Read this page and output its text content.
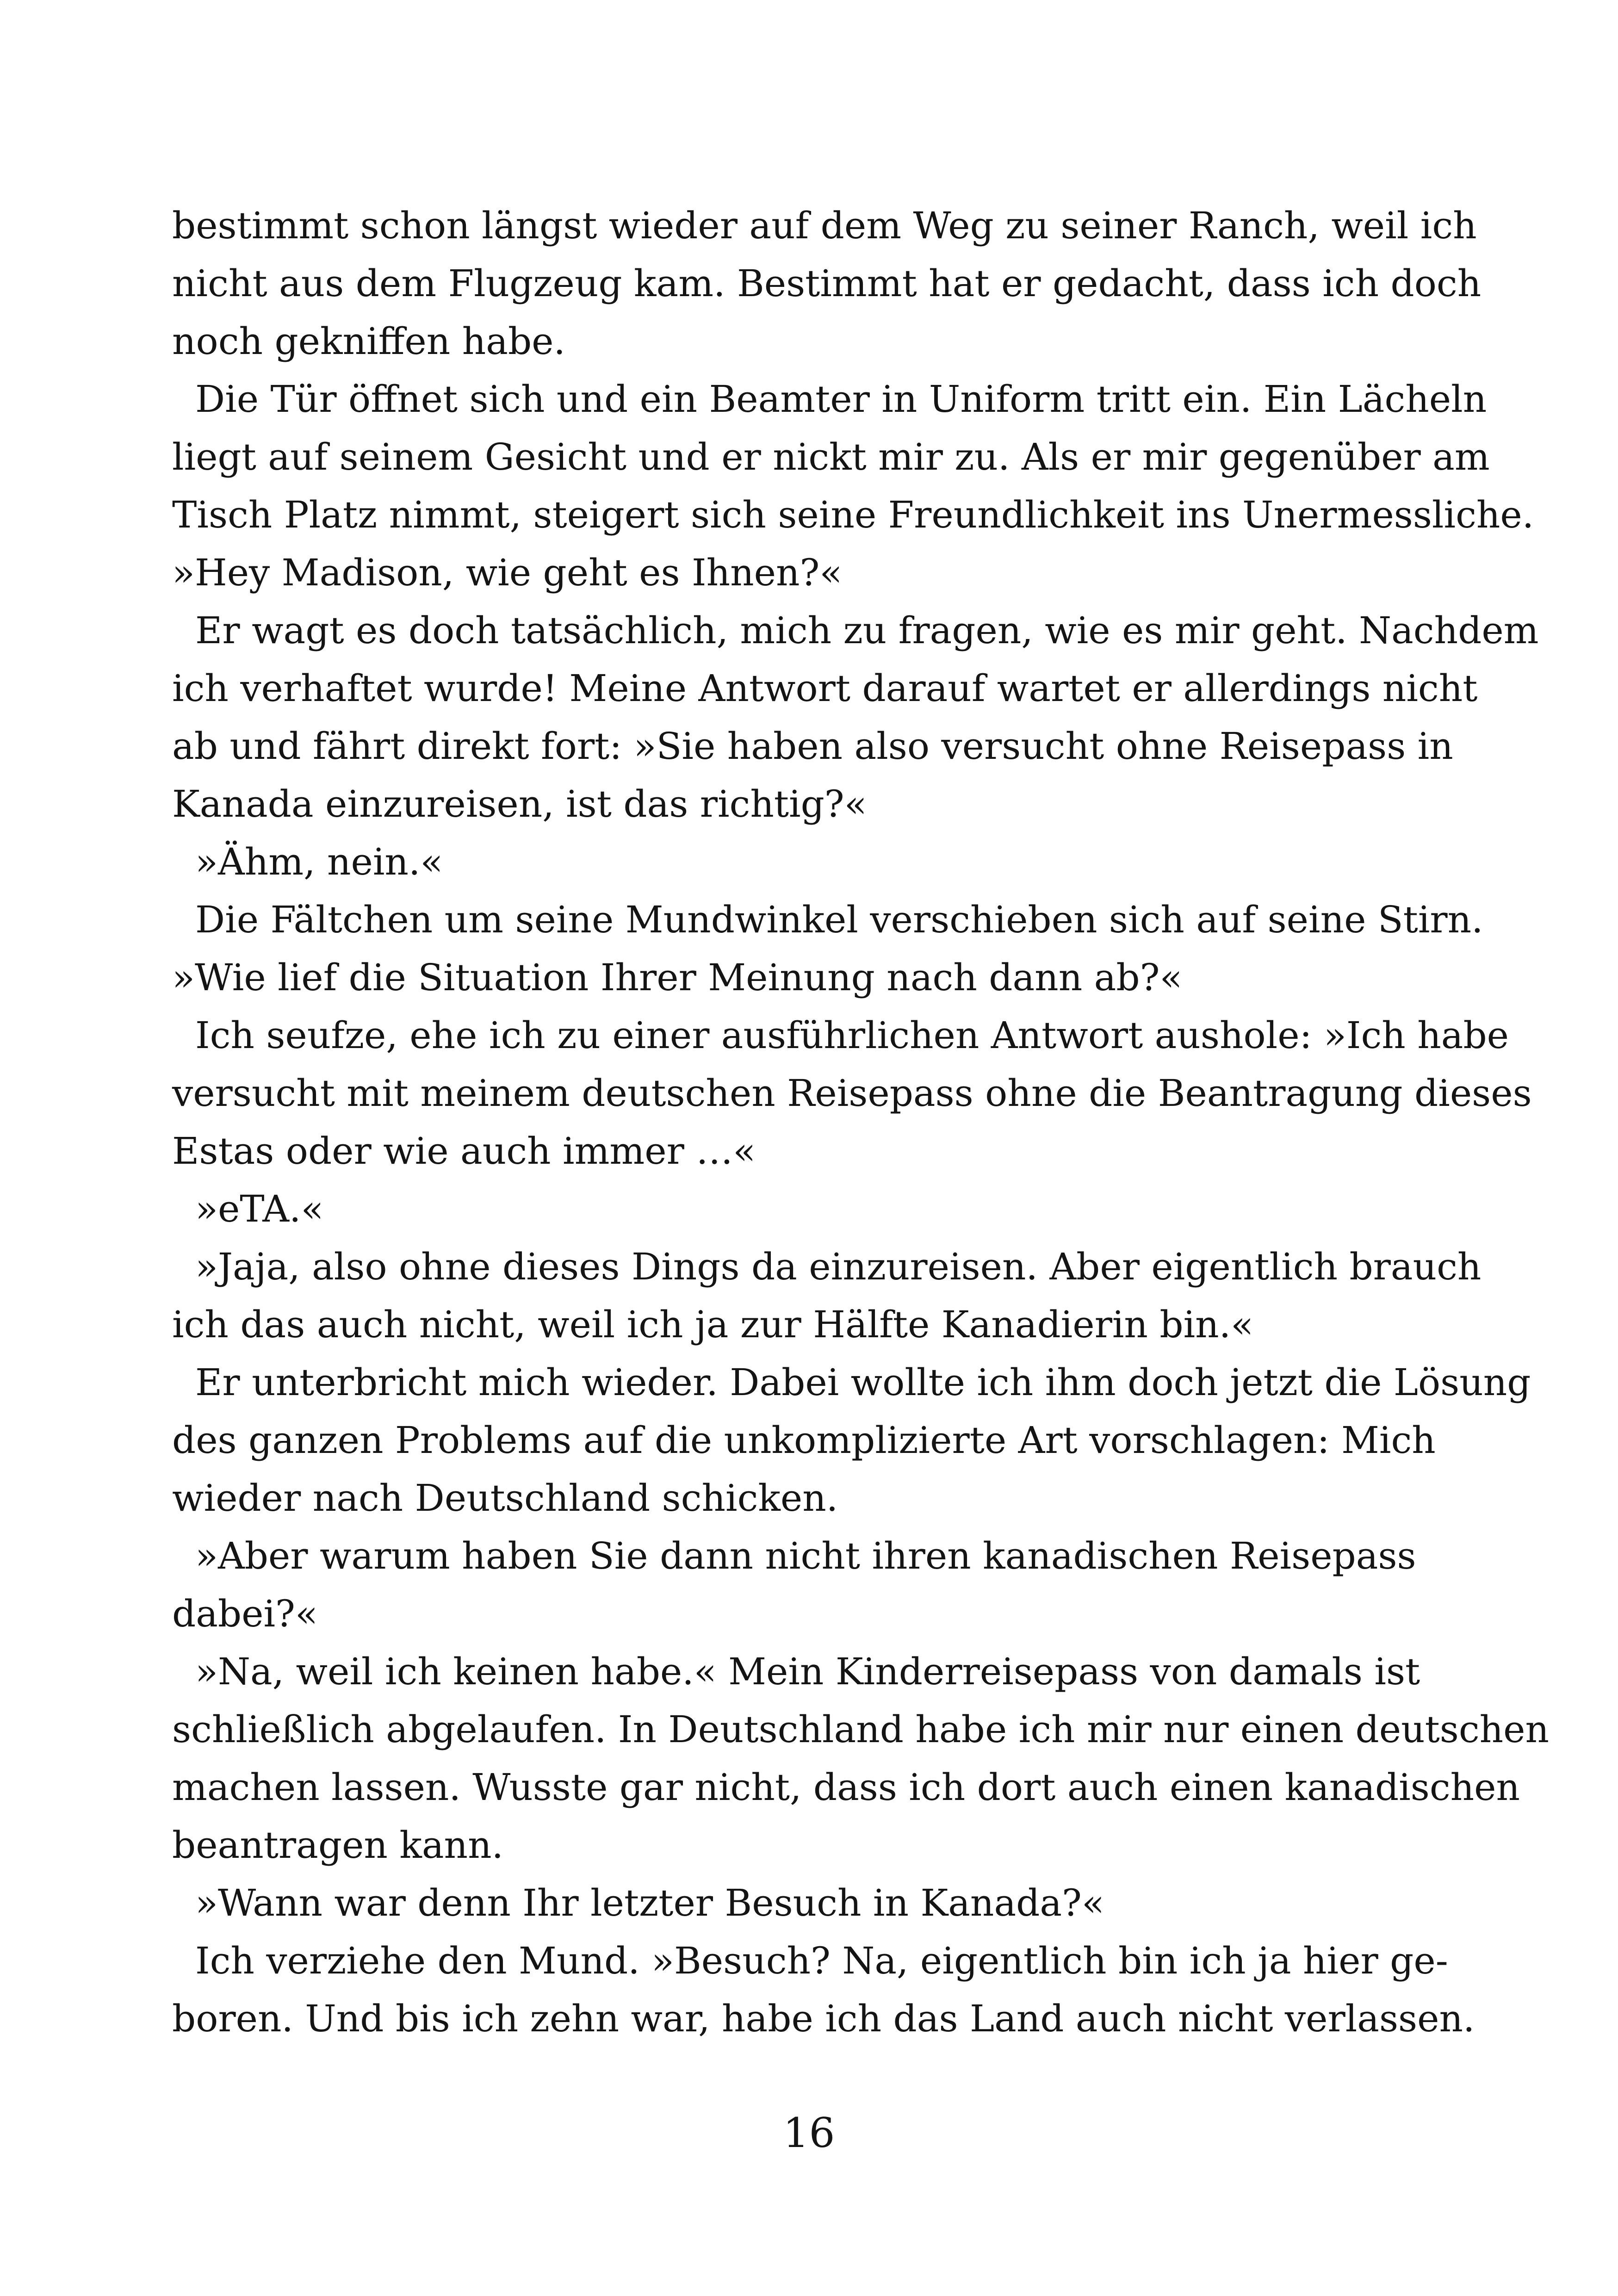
bestimmt schon längst wieder auf dem Weg zu seiner Ranch, weil ich
nicht aus dem Flugzeug kam. Bestimmt hat er gedacht, dass ich doch
noch gekniffen habe.
Die Tür öffnet sich und ein Beamter in Uniform tritt ein. Ein Lächeln
liegt auf seinem Gesicht und er nickt mir zu. Als er mir gegenüber am
Tisch Platz nimmt, steigert sich seine Freundlichkeit ins Unermessliche.
»Hey Madison, wie geht es Ihnen?«
Er wagt es doch tatsächlich, mich zu fragen, wie es mir geht. Nachdem
ich verhaftet wurde! Meine Antwort darauf wartet er allerdings nicht
ab und fährt direkt fort: »Sie haben also versucht ohne Reisepass in
Kanada einzureisen, ist das richtig?«
»Ähm, nein.«
Die Fältchen um seine Mundwinkel verschieben sich auf seine Stirn.
»Wie lief die Situation Ihrer Meinung nach dann ab?«
Ich seufze, ehe ich zu einer ausführlichen Antwort aushole: »Ich habe
versucht mit meinem deutschen Reisepass ohne die Beantragung dieses
Estas oder wie auch immer …«
»eTA.«
»Jaja, also ohne dieses Dings da einzureisen. Aber eigentlich brauch
ich das auch nicht, weil ich ja zur Hälfte Kanadierin bin.«
Er unterbricht mich wieder. Dabei wollte ich ihm doch jetzt die Lösung
des ganzen Problems auf die unkomplizierte Art vorschlagen: Mich
wieder nach Deutschland schicken.
»Aber warum haben Sie dann nicht ihren kanadischen Reisepass
dabei?«
»Na, weil ich keinen habe.« Mein Kinderreisepass von damals ist
schließlich abgelaufen. In Deutschland habe ich mir nur einen deutschen
machen lassen. Wusste gar nicht, dass ich dort auch einen kanadischen
beantragen kann.
»Wann war denn Ihr letzter Besuch in Kanada?«
Ich verziehe den Mund. »Besuch? Na, eigentlich bin ich ja hier ge-
boren. Und bis ich zehn war, habe ich das Land auch nicht verlassen.
16
